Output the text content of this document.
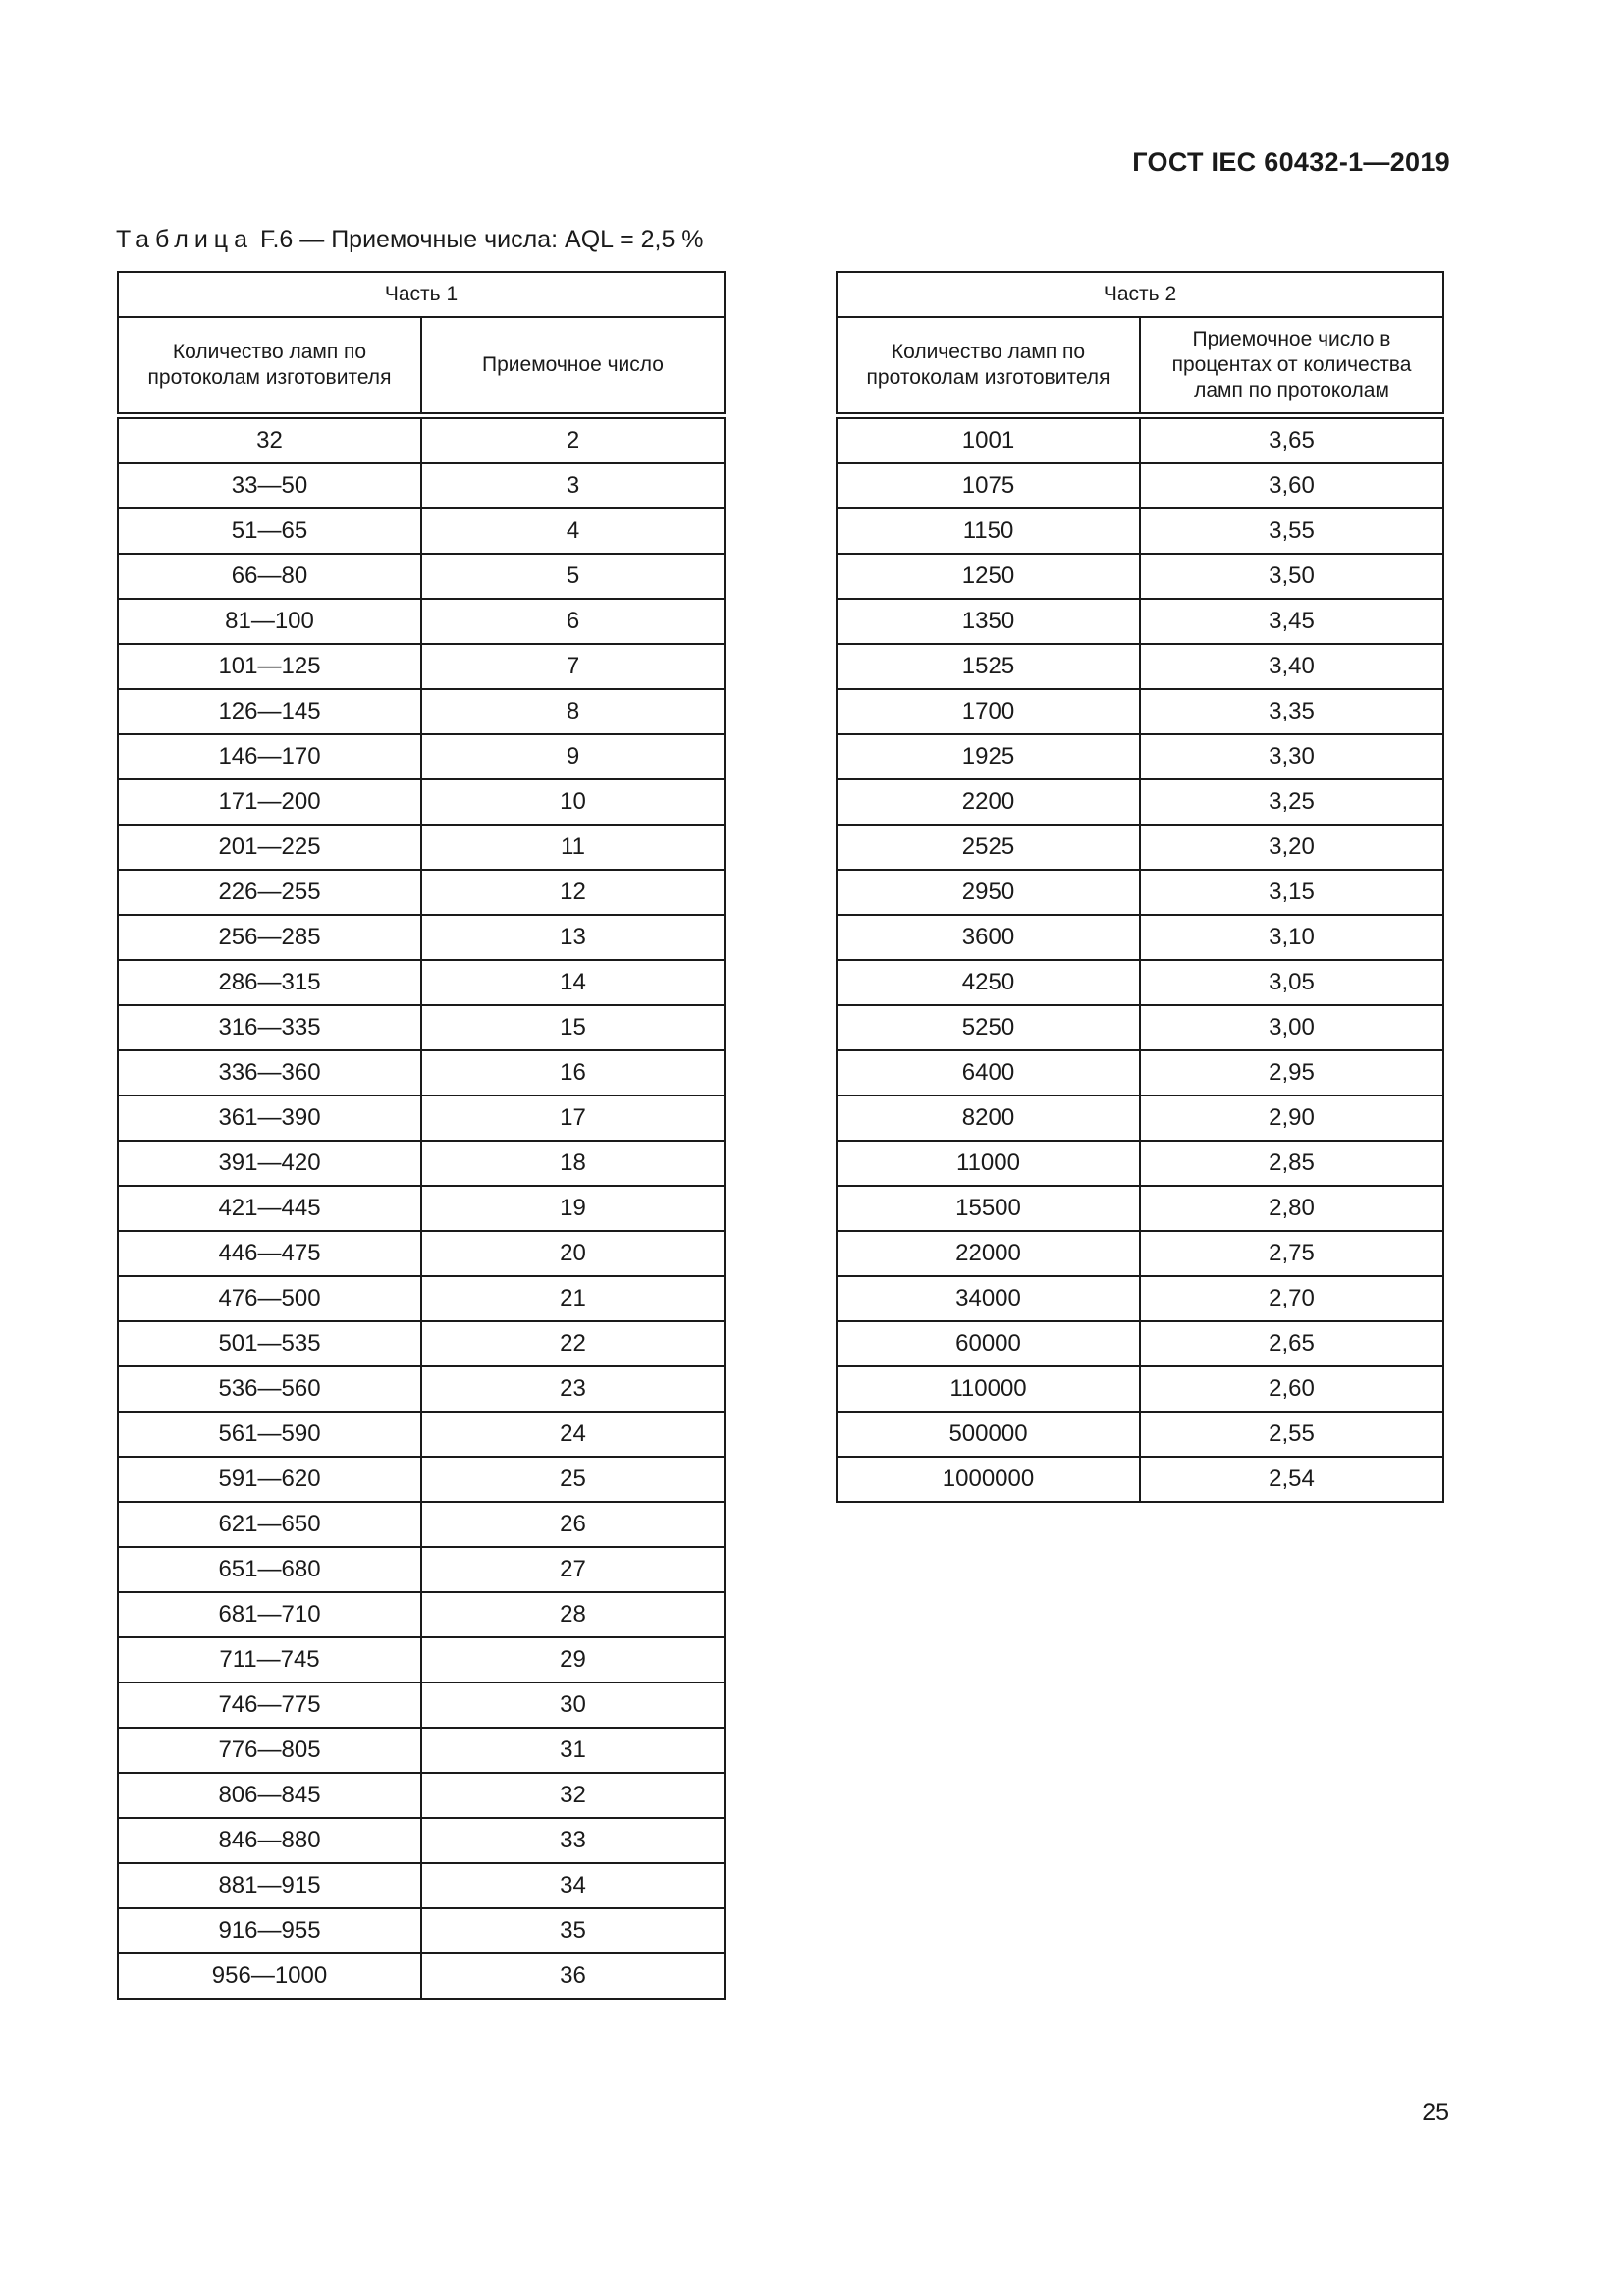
ГОСТ IEC 60432-1—2019
Таблица F.6 — Приемочные числа: AQL = 2,5 %
Часть 1	
Количество ламп по протоколам изготовителя	Приемочное число

32	2
33—50	3
51—65	4
66—80	5
81—100	6
101—125	7
126—145	8
146—170	9
171—200	10
201—225	11
226—255	12
256—285	13
286—315	14
316—335	15
336—360	16
361—390	17
391—420	18
421—445	19
446—475	20
476—500	21
501—535	22
536—560	23
561—590	24
591—620	25
621—650	26
651—680	27
681—710	28
711—745	29
746—775	30
776—805	31
806—845	32
846—880	33
881—915	34
916—955	35
956—1000	36
Часть 2	
Количество ламп по протоколам изготовителя	Приемочное число в процентах от количества ламп по протоколам

1001	3,65
1075	3,60
1150	3,55
1250	3,50
1350	3,45
1525	3,40
1700	3,35
1925	3,30
2200	3,25
2525	3,20
2950	3,15
3600	3,10
4250	3,05
5250	3,00
6400	2,95
8200	2,90
11000	2,85
15500	2,80
22000	2,75
34000	2,70
60000	2,65
110000	2,60
500000	2,55
1000000	2,54
25
